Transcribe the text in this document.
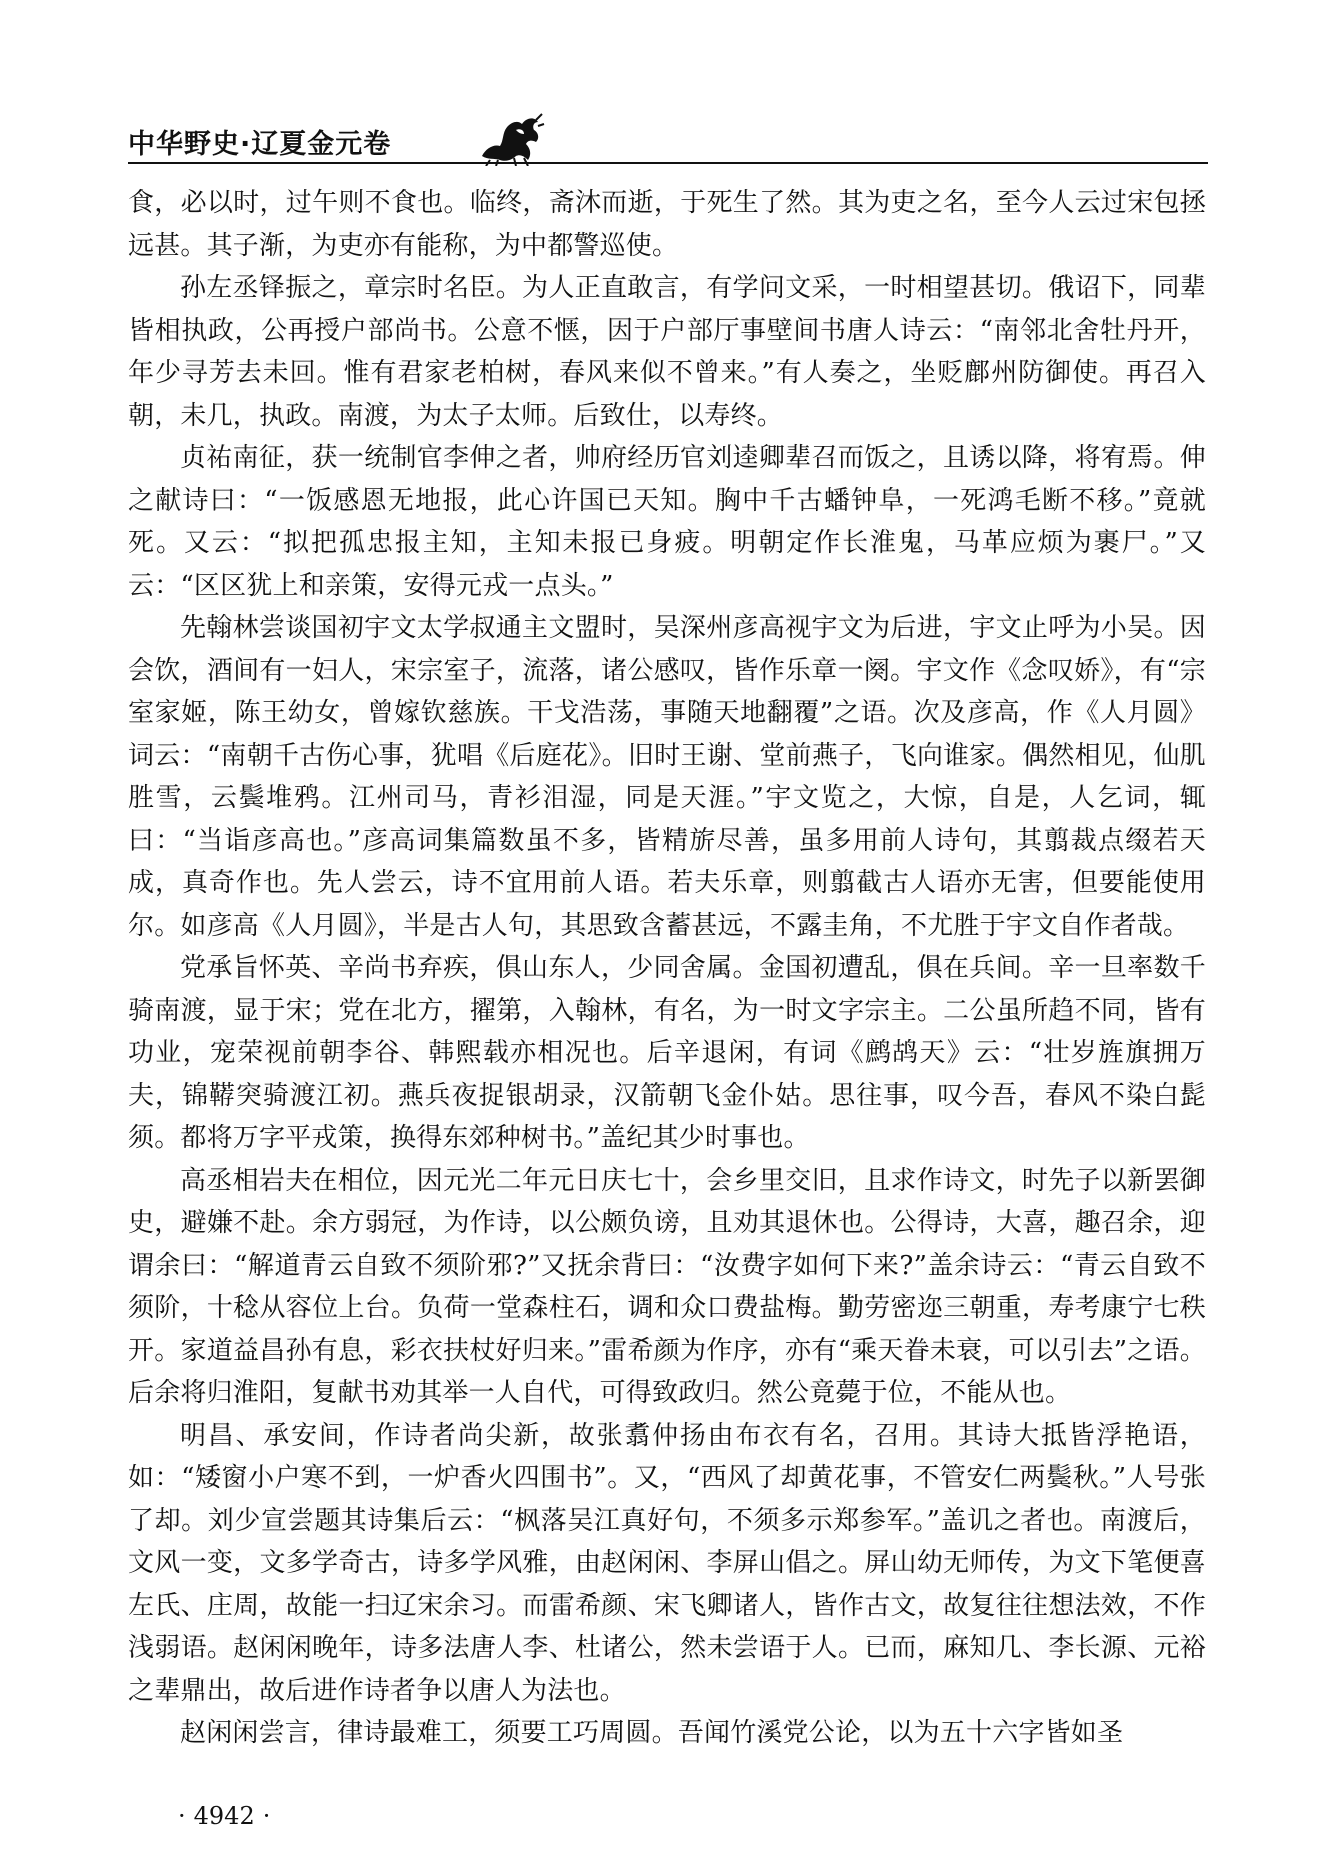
中华野史·辽夏金元卷

食，必以时，过午则不食也。临终，斋沐而逝，于死生了然。其为吏之名，至今人云过宋包拯远甚。其子渐，为吏亦有能称，为中都警巡使。

孙左丞铎振之，章宗时名臣。为人正直敢言，有学问文采，一时相望甚切。俄诏下，同辈皆相执政，公再授户部尚书。公意不惬，因于户部厅事壁间书唐人诗云：“南邻北舍牡丹开，年少寻芳去未回。惟有君家老柏树，春风来似不曾来。”有人奏之，坐贬鄜州防御使。再召入朝，未几，执政。南渡，为太子太师。后致仕，以寿终。

贞祐南征，获一统制官李伸之者，帅府经历官刘逵卿辈召而饭之，且诱以降，将宥焉。伸之献诗曰：“一饭感恩无地报，此心许国已天知。胸中千古蟠钟阜，一死鸿毛断不移。”竟就死。又云：“拟把孤忠报主知，主知未报已身疲。明朝定作长淮鬼，马革应烦为裹尸。”又云：“区区犹上和亲策，安得元戎一点头。”

先翰林尝谈国初宇文太学叔通主文盟时，吴深州彦高视宇文为后进，宇文止呼为小吴。因会饮，酒间有一妇人，宋宗室子，流落，诸公感叹，皆作乐章一阕。宇文作《念叹娇》，有“宗室家姬，陈王幼女，曾嫁钦慈族。干戈浩荡，事随天地翻覆”之语。次及彦高，作《人月圆》词云：“南朝千古伤心事，犹唱《后庭花》。旧时王谢、堂前燕子，飞向谁家。偶然相见，仙肌胜雪，云鬓堆鸦。江州司马，青衫泪湿，同是天涯。”宇文览之，大惊，自是，人乞词，辄曰：“当诣彦高也。”彦高词集篇数虽不多，皆精旂尽善，虽多用前人诗句，其翦裁点缀若天成，真奇作也。先人尝云，诗不宜用前人语。若夫乐章，则翦截古人语亦无害，但要能使用尔。如彦高《人月圆》，半是古人句，其思致含蓄甚远，不露圭角，不尤胜于宇文自作者哉。

党承旨怀英、辛尚书弃疾，俱山东人，少同舍属。金国初遭乱，俱在兵间。辛一旦率数千骑南渡，显于宋；党在北方，擢第，入翰林，有名，为一时文字宗主。二公虽所趋不同，皆有功业，宠荣视前朝李谷、韩熙载亦相况也。后辛退闲，有词《鹧鸪天》云：“壮岁旌旗拥万夫，锦鞯突骑渡江初。燕兵夜捉银胡录，汉箭朝飞金仆姑。思往事，叹今吾，春风不染白髭须。都将万字平戎策，换得东郊种树书。”盖纪其少时事也。

高丞相岩夫在相位，因元光二年元日庆七十，会乡里交旧，且求作诗文，时先子以新罢御史，避嫌不赴。余方弱冠，为作诗，以公颇负谤，且劝其退休也。公得诗，大喜，趣召余，迎谓余曰：“解道青云自致不须阶邪?”又抚余背曰：“汝费字如何下来?”盖余诗云：“青云自致不须阶，十稔从容位上台。负荷一堂森柱石，调和众口费盐梅。勤劳密迩三朝重，寿考康宁七秩开。家道益昌孙有息，彩衣扶杖好归来。”雷希颜为作序，亦有“乘天眷未衰，可以引去”之语。后余将归淮阳，复献书劝其举一人自代，可得致政归。然公竟薨于位，不能从也。

明昌、承安间，作诗者尚尖新，故张翥仲扬由布衣有名，召用。其诗大抵皆浮艳语，如：“矮窗小户寒不到，一炉香火四围书”。又，“西风了却黄花事，不管安仁两鬓秋。”人号张了却。刘少宣尝题其诗集后云：“枫落吴江真好句，不须多示郑参军。”盖讥之者也。南渡后，文风一变，文多学奇古，诗多学风雅，由赵闲闲、李屏山倡之。屏山幼无师传，为文下笔便喜左氏、庄周，故能一扫辽宋余习。而雷希颜、宋飞卿诸人，皆作古文，故复往往想法效，不作浅弱语。赵闲闲晚年，诗多法唐人李、杜诸公，然未尝语于人。已而，麻知几、李长源、元裕之辈鼎出，故后进作诗者争以唐人为法也。

赵闲闲尝言，律诗最难工，须要工巧周圆。吾闻竹溪党公论，以为五十六字皆如圣

· 4942 ·
